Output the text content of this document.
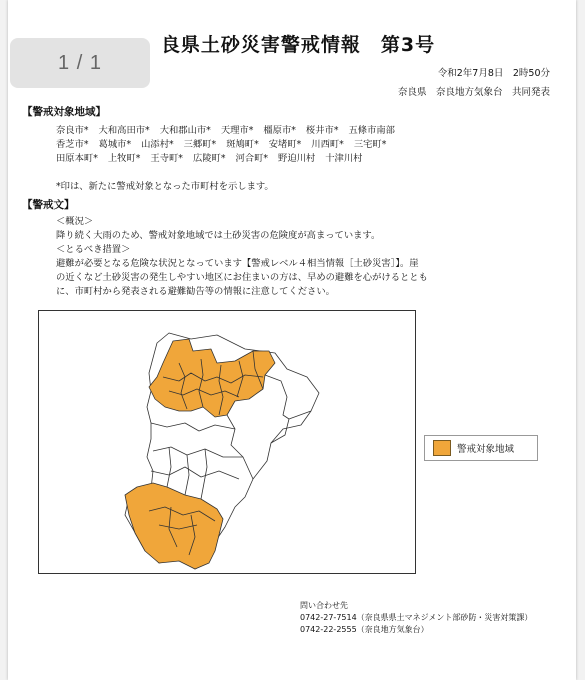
良県土砂災害警戒情報　第3号
令和2年7月8日　2時50分
奈良県　奈良地方気象台　共同発表
【警戒対象地域】
奈良市* 大和高田市* 大和郡山市* 天理市* 橿原市* 桜井市* 五條市南部
香芝市* 葛城市* 山添村* 三郷町* 斑鳩町* 安堵町* 川西町* 三宅町*
田原本町* 上牧町* 王寺町* 広陵町* 河合町* 野迫川村 十津川村
*印は、新たに警戒対象となった市町村を示します。
【警戒文】
＜概況＞
降り続く大雨のため、警戒対象地域では土砂災害の危険度が高まっています。
＜とるべき措置＞
避難が必要となる危険な状況となっています【警戒レベル４相当情報［土砂災害］】。崖
の近くなど土砂災害の発生しやすい地区にお住まいの方は、早めの避難を心がけるととも
に、市町村から発表される避難勧告等の情報に注意してください。
警戒対象地域
問い合わせ先
0742-27-7514（奈良県県土マネジメント部砂防・災害対策課）
0742-22-2555（奈良地方気象台）
1 / 1
